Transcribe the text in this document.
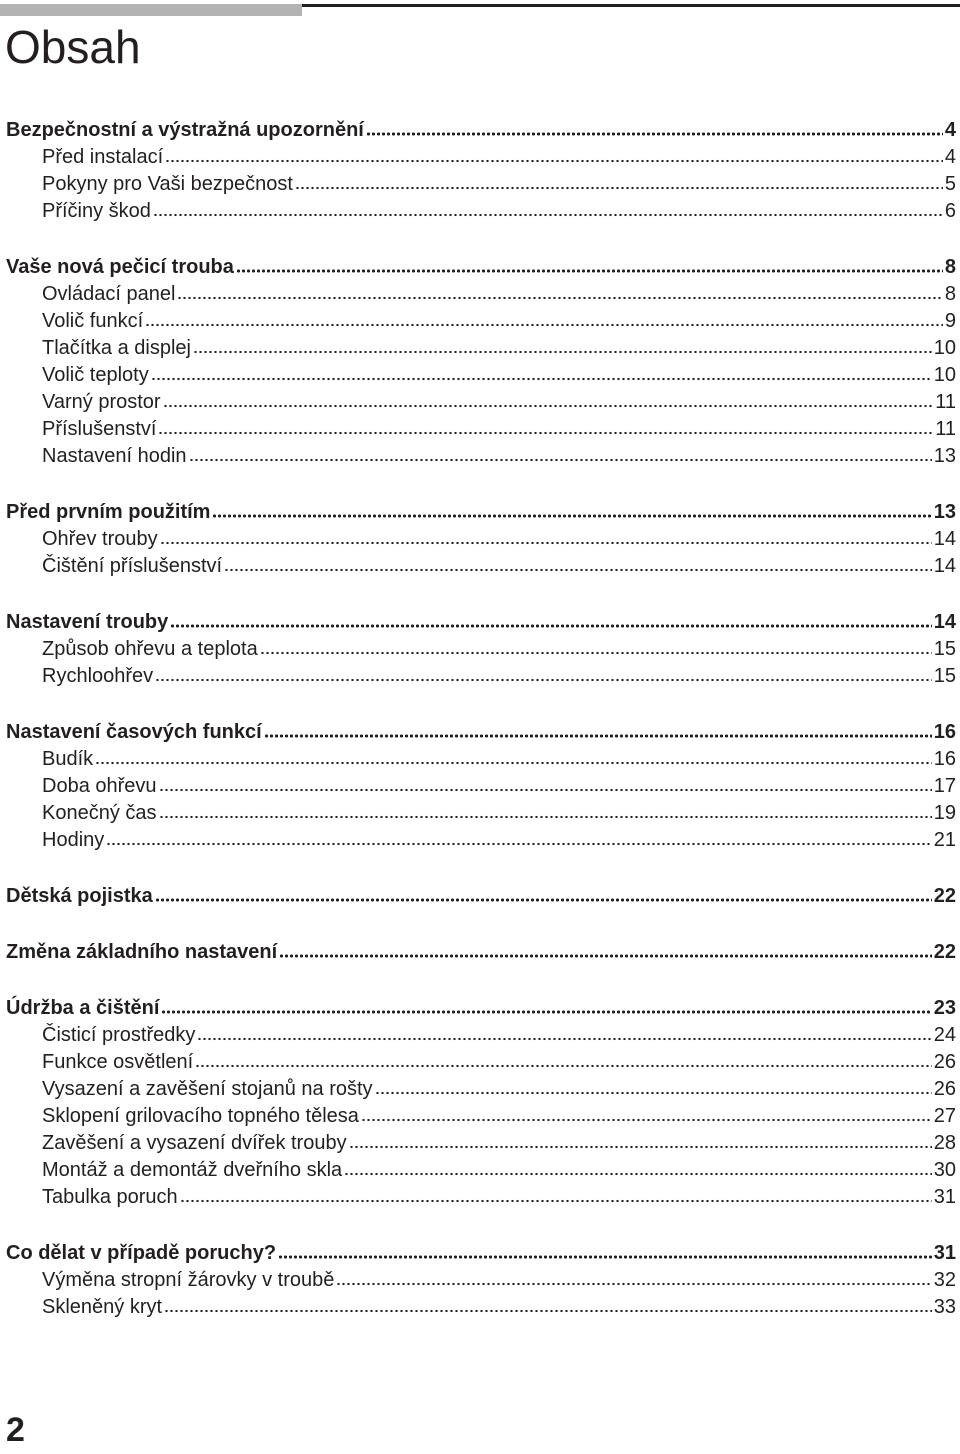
Obsah
Bezpečnostní a výstražná upozornění	4
Před instalací	4
Pokyny pro Vaši bezpečnost	5
Příčiny škod	6
Vaše nová pečicí trouba	8
Ovládací panel	8
Volič funkcí	9
Tlačítka a displej	10
Volič teploty	10
Varný prostor	11
Příslušenství	11
Nastavení hodin	13
Před prvním použitím	13
Ohřev trouby	14
Čištění příslušenství	14
Nastavení trouby	14
Způsob ohřevu a teplota	15
Rychloohřev	15
Nastavení časových funkcí	16
Budík	16
Doba ohřevu	17
Konečný čas	19
Hodiny	21
Dětská pojistka	22
Změna základního nastavení	22
Údržba a čištění	23
Čisticí prostředky	24
Funkce osvětlení	26
Vysazení a zavěšení stojanů na rošty	26
Sklopení grilovacího topného tělesa	27
Zavěšení a vysazení dvířek trouby	28
Montáž a demontáž dveřního skla	30
Tabulka poruch	31
Co dělat v případě poruchy?	31
Výměna stropní žárovky v troubě	32
Skleněný kryt	33
2
